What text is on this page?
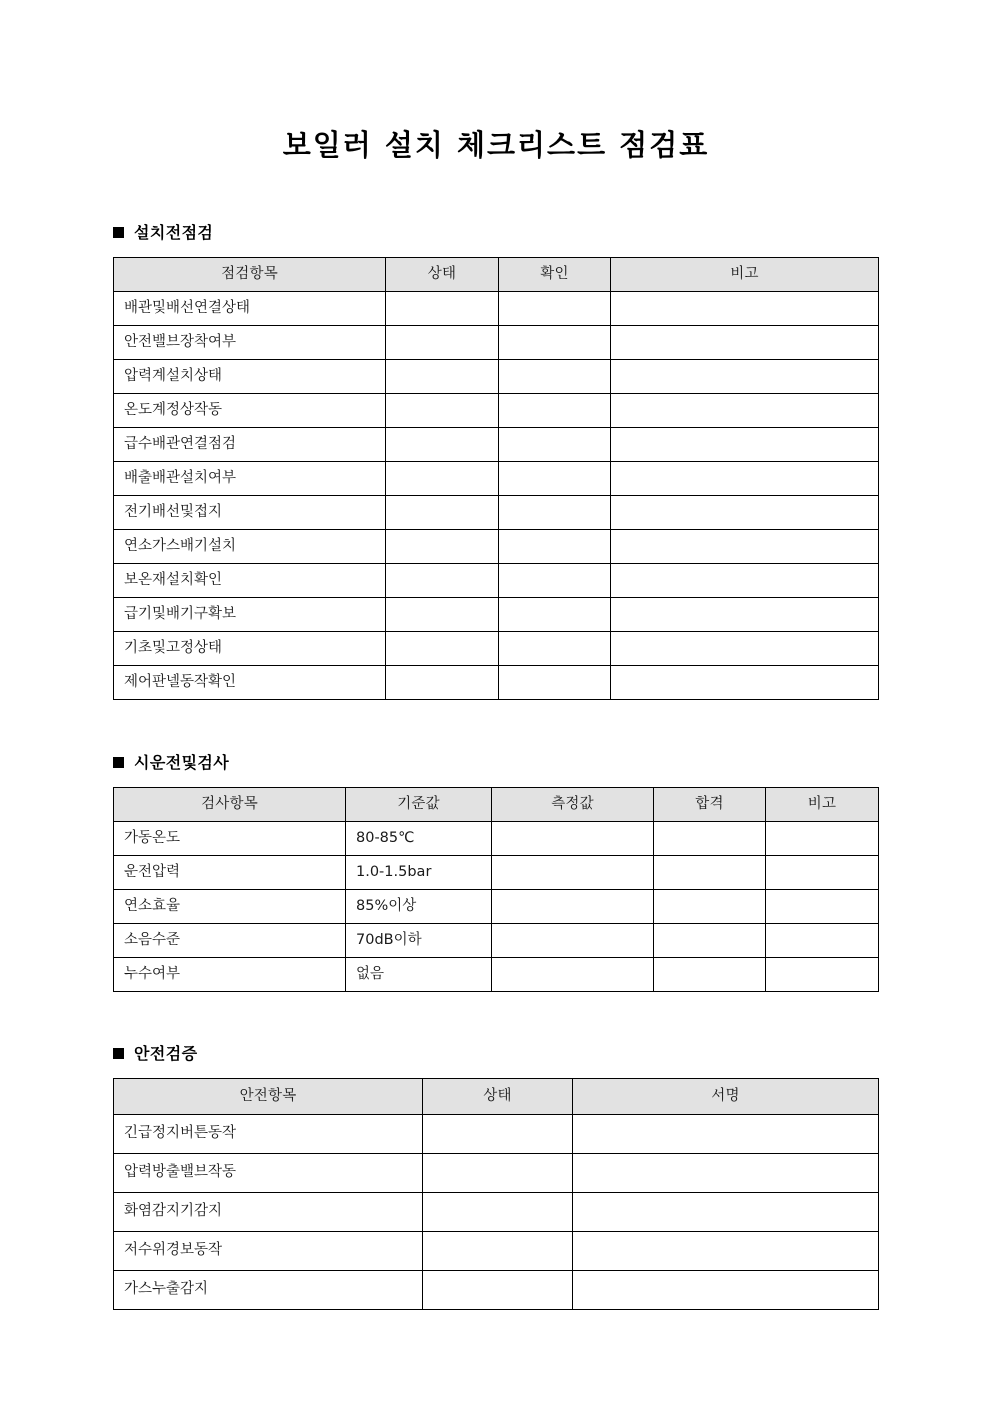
보일러 설치 체크리스트 점검표
설치전점검
점검항목	상태	확인	비고
배관및배선연결상태			
안전밸브장착여부			
압력계설치상태			
온도계정상작동			
급수배관연결점검			
배출배관설치여부			
전기배선및접지			
연소가스배기설치			
보온재설치확인			
급기및배기구확보			
기초및고정상태			
제어판넬동작확인			
시운전및검사
검사항목	기준값	측정값	합격	비고
가동온도	80-85℃			
운전압력	1.0-1.5bar			
연소효율	85%이상			
소음수준	70dB이하			
누수여부	없음			
안전검증
안전항목	상태	서명
긴급정지버튼동작		
압력방출밸브작동		
화염감지기감지		
저수위경보동작		
가스누출감지		
